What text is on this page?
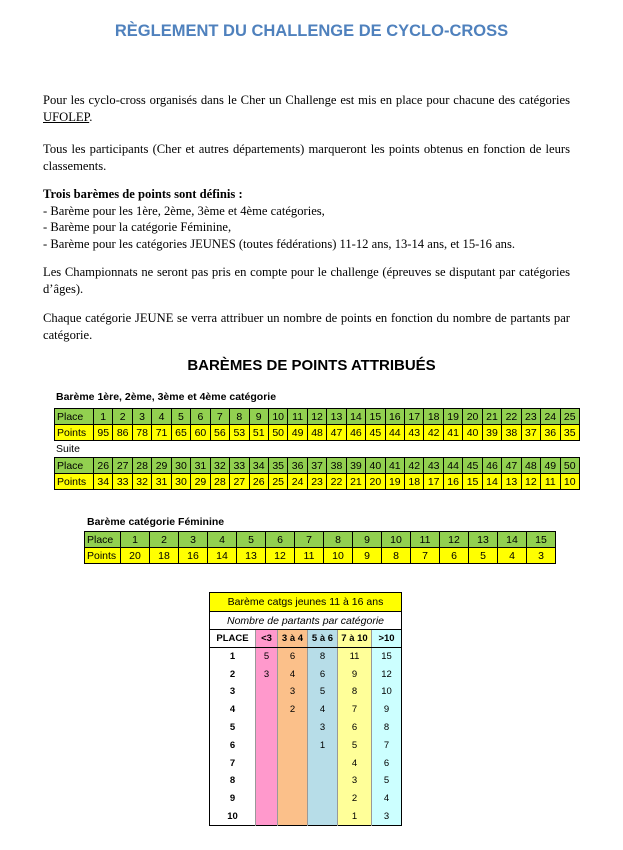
RÈGLEMENT DU CHALLENGE DE CYCLO-CROSS
Pour les cyclo-cross organisés dans le Cher un Challenge est mis en place pour chacune des catégories UFOLEP.
Tous les participants (Cher et autres départements) marqueront les points obtenus en fonction de leurs classements.
Trois barèmes de points sont définis :
- Barème pour les 1ère, 2ème, 3ème et 4ème catégories,
- Barème pour la catégorie Féminine,
- Barème pour les catégories JEUNES (toutes fédérations) 11-12 ans, 13-14 ans, et 15-16 ans.
Les Championnats ne seront pas pris en compte pour le challenge (épreuves se disputant par catégories d’âges).
Chaque catégorie JEUNE se verra attribuer un nombre de points en fonction du nombre de partants par catégorie.
BARÈMES DE POINTS ATTRIBUÉS
Barème 1ère, 2ème, 3ème et 4ème catégorie
Place	1	2	3	4	5	6	7	8	9	10	11	12	13	14	15	16	17	18	19	20	21	22	23	24	25
Points	95	86	78	71	65	60	56	53	51	50	49	48	47	46	45	44	43	42	41	40	39	38	37	36	35
Suite
Place	26	27	28	29	30	31	32	33	34	35	36	37	38	39	40	41	42	43	44	45	46	47	48	49	50
Points	34	33	32	31	30	29	28	27	26	25	24	23	22	21	20	19	18	17	16	15	14	13	12	11	10
Barème catégorie Féminine
Place	1	2	3	4	5	6	7	8	9	10	11	12	13	14	15
Points	20	18	16	14	13	12	11	10	9	8	7	6	5	4	3
Barème catgs jeunes 11 à 16 ans					
Nombre de partants par catégorie					
PLACE	<3	3 à 4	5 à 6	7 à 10	>10
1	5	6	8	11	15
2	3	4	6	9	12
3		3	5	8	10
4		2	4	7	9
5			3	6	8
6			1	5	7
7				4	6
8				3	5
9				2	4
10				1	3
